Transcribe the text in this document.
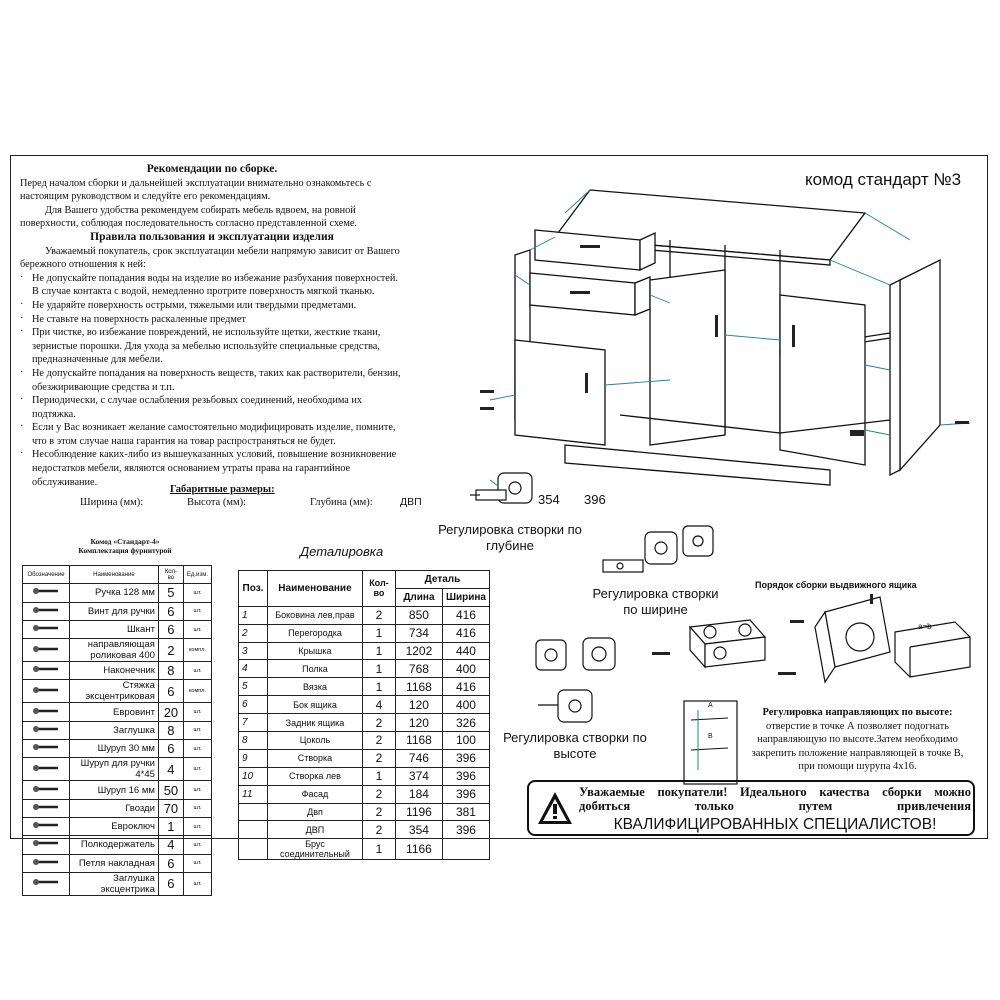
комод стандарт №3

Рекомендации по сборке.

Перед началом сборки и дальнейшей эксплуатации внимательно ознакомьтесь с настоящим руководством и следуйте его рекомендациям.

Для Вашего удобства рекомендуем собирать мебель вдвоем, на ровной поверхности, соблюдая последовательность согласно представленной схеме.

Правила пользования и эксплуатации изделия

Уважаемый покупатель, срок эксплуатации мебели напрямую зависит от Вашего бережного отношения к ней:

· Не допускайте попадания воды на изделие во избежание разбухания поверхностей. В случае контакта с водой, немедленно протрите поверхность мягкой тканью.

· Не ударяйте поверхность острыми, тяжелыми или твердыми предметами.

· Не ставьте на поверхность раскаленные предмет

· При чистке, во избежание повреждений, не используйте щетки, жесткие ткани, зернистые порошки. Для ухода за мебелью используйте специальные средства, предназначенные для мебели.

· Не допускайте попадания на поверхность веществ, таких как растворители, бензин, обезжиривающие средства и т.п.

· Периодически, с случае ослабления резьбовых соединений, необходима их подтяжка.

· Если у Вас возникает желание самостоятельно модифицировать изделие, помните, что в этом случае наша гарантия на товар распространяться не будет.

· Несоблюдение каких-либо из вышеуказанных условий, повышение возникновение недостатков мебели, являются основанием утраты права на гарантийное обслуживание.

Габаритные размеры:
Ширина (мм):	Высота (мм):	Глубина (мм):	ДВП	354 396
Регулировка створки по глубине
Регулировка створки по ширине
Регулировка створки по высоте
Порядок сборки выдвижного ящика
a=b
A
B
Регулировка направляющих по высоте:
отверстие в точке А позволяет подогнать направляющую по высоте.Затем необходимо закрепить положение направляющей в точке В, при помощи шурупа 4х16.
Комод «Стандарт-4»
Комплектация фурнитурой
Обозначение	Наименование	Кол-во	Ед.изм.
	Ручка 128 мм	5	шт.
	Винт для ручки	6	шт.
	Шкант	6	шт.
	направляющая роликовая 400	2	компл.
	Наконечник	8	шт.
	Стяжка эксцентриковая	6	компл.
	Евровинт	20	шт.
	Заглушка	8	шт.
	Шуруп 30 мм	6	шт.
	Шуруп для ручки 4*45	4	шт.
	Шуруп 16 мм	50	шт.
	Гвозди	70	шт.
	Евроключ	1	шт.
	Полкодержатель	4	шт.
	Петля накладная	6	шт.
	Заглушка эксцентрика	6	шт.
Деталировка
Поз.	Наименование	Кол-во	Деталь	
			Длина	Ширина
1	Боковина лев,прав	2	850	416
2	Перегородка	1	734	416
3	Крышка	1	1202	440
4	Полка	1	768	400
5	Вязка	1	1168	416
6	Бок ящика	4	120	400
7	Задник ящика	2	120	326
8	Цоколь	2	1168	100
9	Створка	2	746	396
10	Створка лев	1	374	396
11	Фасад	2	184	396
	Двп	2	1196	381
	ДВП	2	354	396
	Брус соединительный	1	1166	
Уважаемые покупатели! Идеального качества сборки можно добиться только путем привлечения
КВАЛИФИЦИРОВАННЫХ СПЕЦИАЛИСТОВ!
